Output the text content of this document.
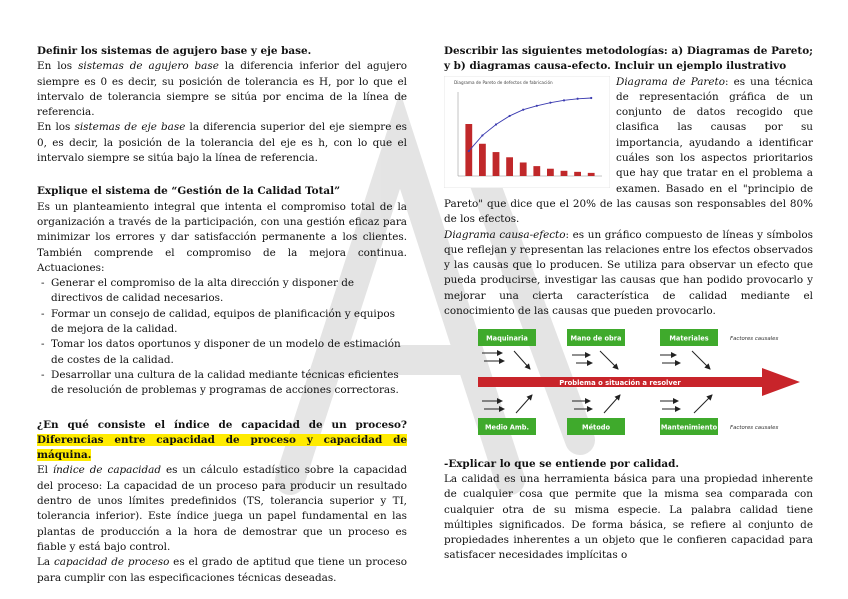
Definir los sistemas de agujero base y eje base.

En los sistemas de agujero base la diferencia inferior del agujero siempre es 0 es decir, su posición de tolerancia es H, por lo que el intervalo de tolerancia siempre se sitúa por encima de la línea de referencia.

En los sistemas de eje base la diferencia superior del eje siempre es 0, es decir, la posición de la tolerancia del eje es h, con lo que el intervalo siempre se sitúa bajo la línea de referencia.

Explique el sistema de “Gestión de la Calidad Total”

Es un planteamiento integral que intenta el compromiso total de la organización a través de la participación, con una gestión eficaz para minimizar los errores y dar satisfacción permanente a los clientes. También comprende el compromiso de la mejora continua. Actuaciones:

- Generar el compromiso de la alta dirección y disponer de directivos de calidad necesarios.
- Formar un consejo de calidad, equipos de planificación y equipos de mejora de la calidad.
- Tomar los datos oportunos y disponer de un modelo de estimación de costes de la calidad.
- Desarrollar una cultura de la calidad mediante técnicas eficientes de resolución de problemas y programas de acciones correctoras.

¿En qué consiste el índice de capacidad de un proceso? Diferencias entre capacidad de proceso y capacidad de máquina.

El índice de capacidad es un cálculo estadístico sobre la capacidad del proceso: La capacidad de un proceso para producir un resultado dentro de unos límites predefinidos (TS, tolerancia superior y TI, tolerancia inferior). Este índice juega un papel fundamental en las plantas de producción a la hora de demostrar que un proceso es fiable y está bajo control.

La capacidad de proceso es el grado de aptitud que tiene un proceso para cumplir con las especificaciones técnicas deseadas.

Describir las siguientes metodologías: a) Diagramas de Pareto; y b) diagramas causa-efecto. Incluir un ejemplo ilustrativo

Diagrama de Pareto de defectos de fabricación	Diagrama de Pareto: es una técnica de representación gráfica de un conjunto de datos recogido que clasifica las causas por su importancia, ayudando a identificar cuáles son los aspectos prioritarios que hay que tratar en el problema a examen. Basado en el "principio de Pareto" que dice que el 20% de las causas son responsables del 80% de los efectos.

Diagrama causa-efecto: es un gráfico compuesto de líneas y símbolos que reflejan y representan las relaciones entre los efectos observados y las causas que lo producen. Se utiliza para observar un efecto que pueda producirse, investigar las causas que han podido provocarlo y mejorar una cierta característica de calidad mediante el conocimiento de las causas que pueden provocarlo.

Maquinaria	Mano de obra	Materiales	Factores causales
Problema o situación a resolver
Medio Amb.	Método	Mantenimiento Factores causales

-Explicar lo que se entiende por calidad.

La calidad es una herramienta básica para una propiedad inherente de cualquier cosa que permite que la misma sea comparada con cualquier otra de su misma especie. La palabra calidad tiene múltiples significados. De forma básica, se refiere al conjunto de propiedades inherentes a un objeto que le confieren capacidad para satisfacer necesidades implícitas o
